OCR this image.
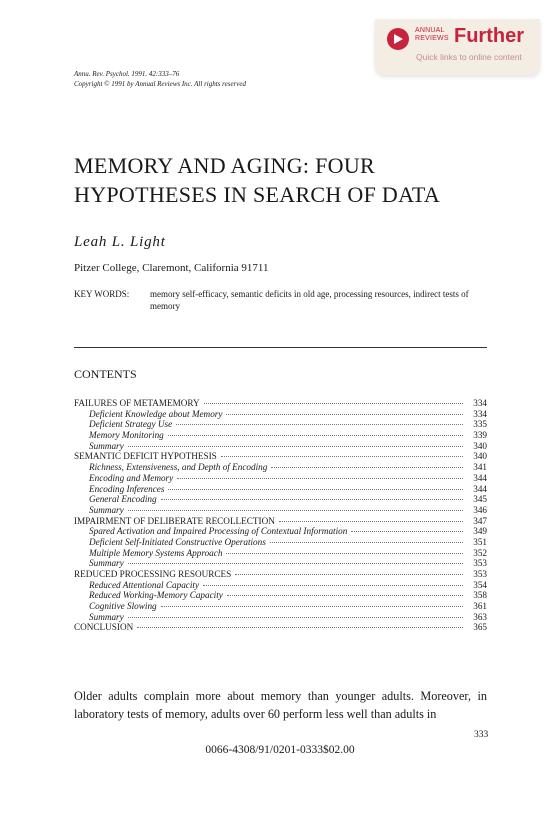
ANNUAL
REVIEWS Further
Quick links to online content
Annu. Rev. Psychol. 1991. 42:333–76
Copyright © 1991 by Annual Reviews Inc. All rights reserved
MEMORY AND AGING: FOUR
HYPOTHESES IN SEARCH OF DATA
Leah L. Light
Pitzer College, Claremont, California 91711
KEY WORDS: memory self-efficacy, semantic deficits in old age, processing resources, indirect tests of memory
CONTENTS
FAILURES OF METAMEMORY	334
Deficient Knowledge about Memory	334
Deficient Strategy Use	335
Memory Monitoring	339
Summary	340
SEMANTIC DEFICIT HYPOTHESIS	340
Richness, Extensiveness, and Depth of Encoding	341
Encoding and Memory	344
Encoding Inferences	344
General Encoding	345
Summary	346
IMPAIRMENT OF DELIBERATE RECOLLECTION	347
Spared Activation and Impaired Processing of Contextual Information	349
Deficient Self-Initiated Constructive Operations	351
Multiple Memory Systems Approach	352
Summary	353
REDUCED PROCESSING RESOURCES	353
Reduced Attentional Capacity	354
Reduced Working-Memory Capacity	358
Cognitive Slowing	361
Summary	363
CONCLUSION	365
Older adults complain more about memory than younger adults. Moreover, in laboratory tests of memory, adults over 60 perform less well than adults in
333
0066-4308/91/0201-0333$02.00
